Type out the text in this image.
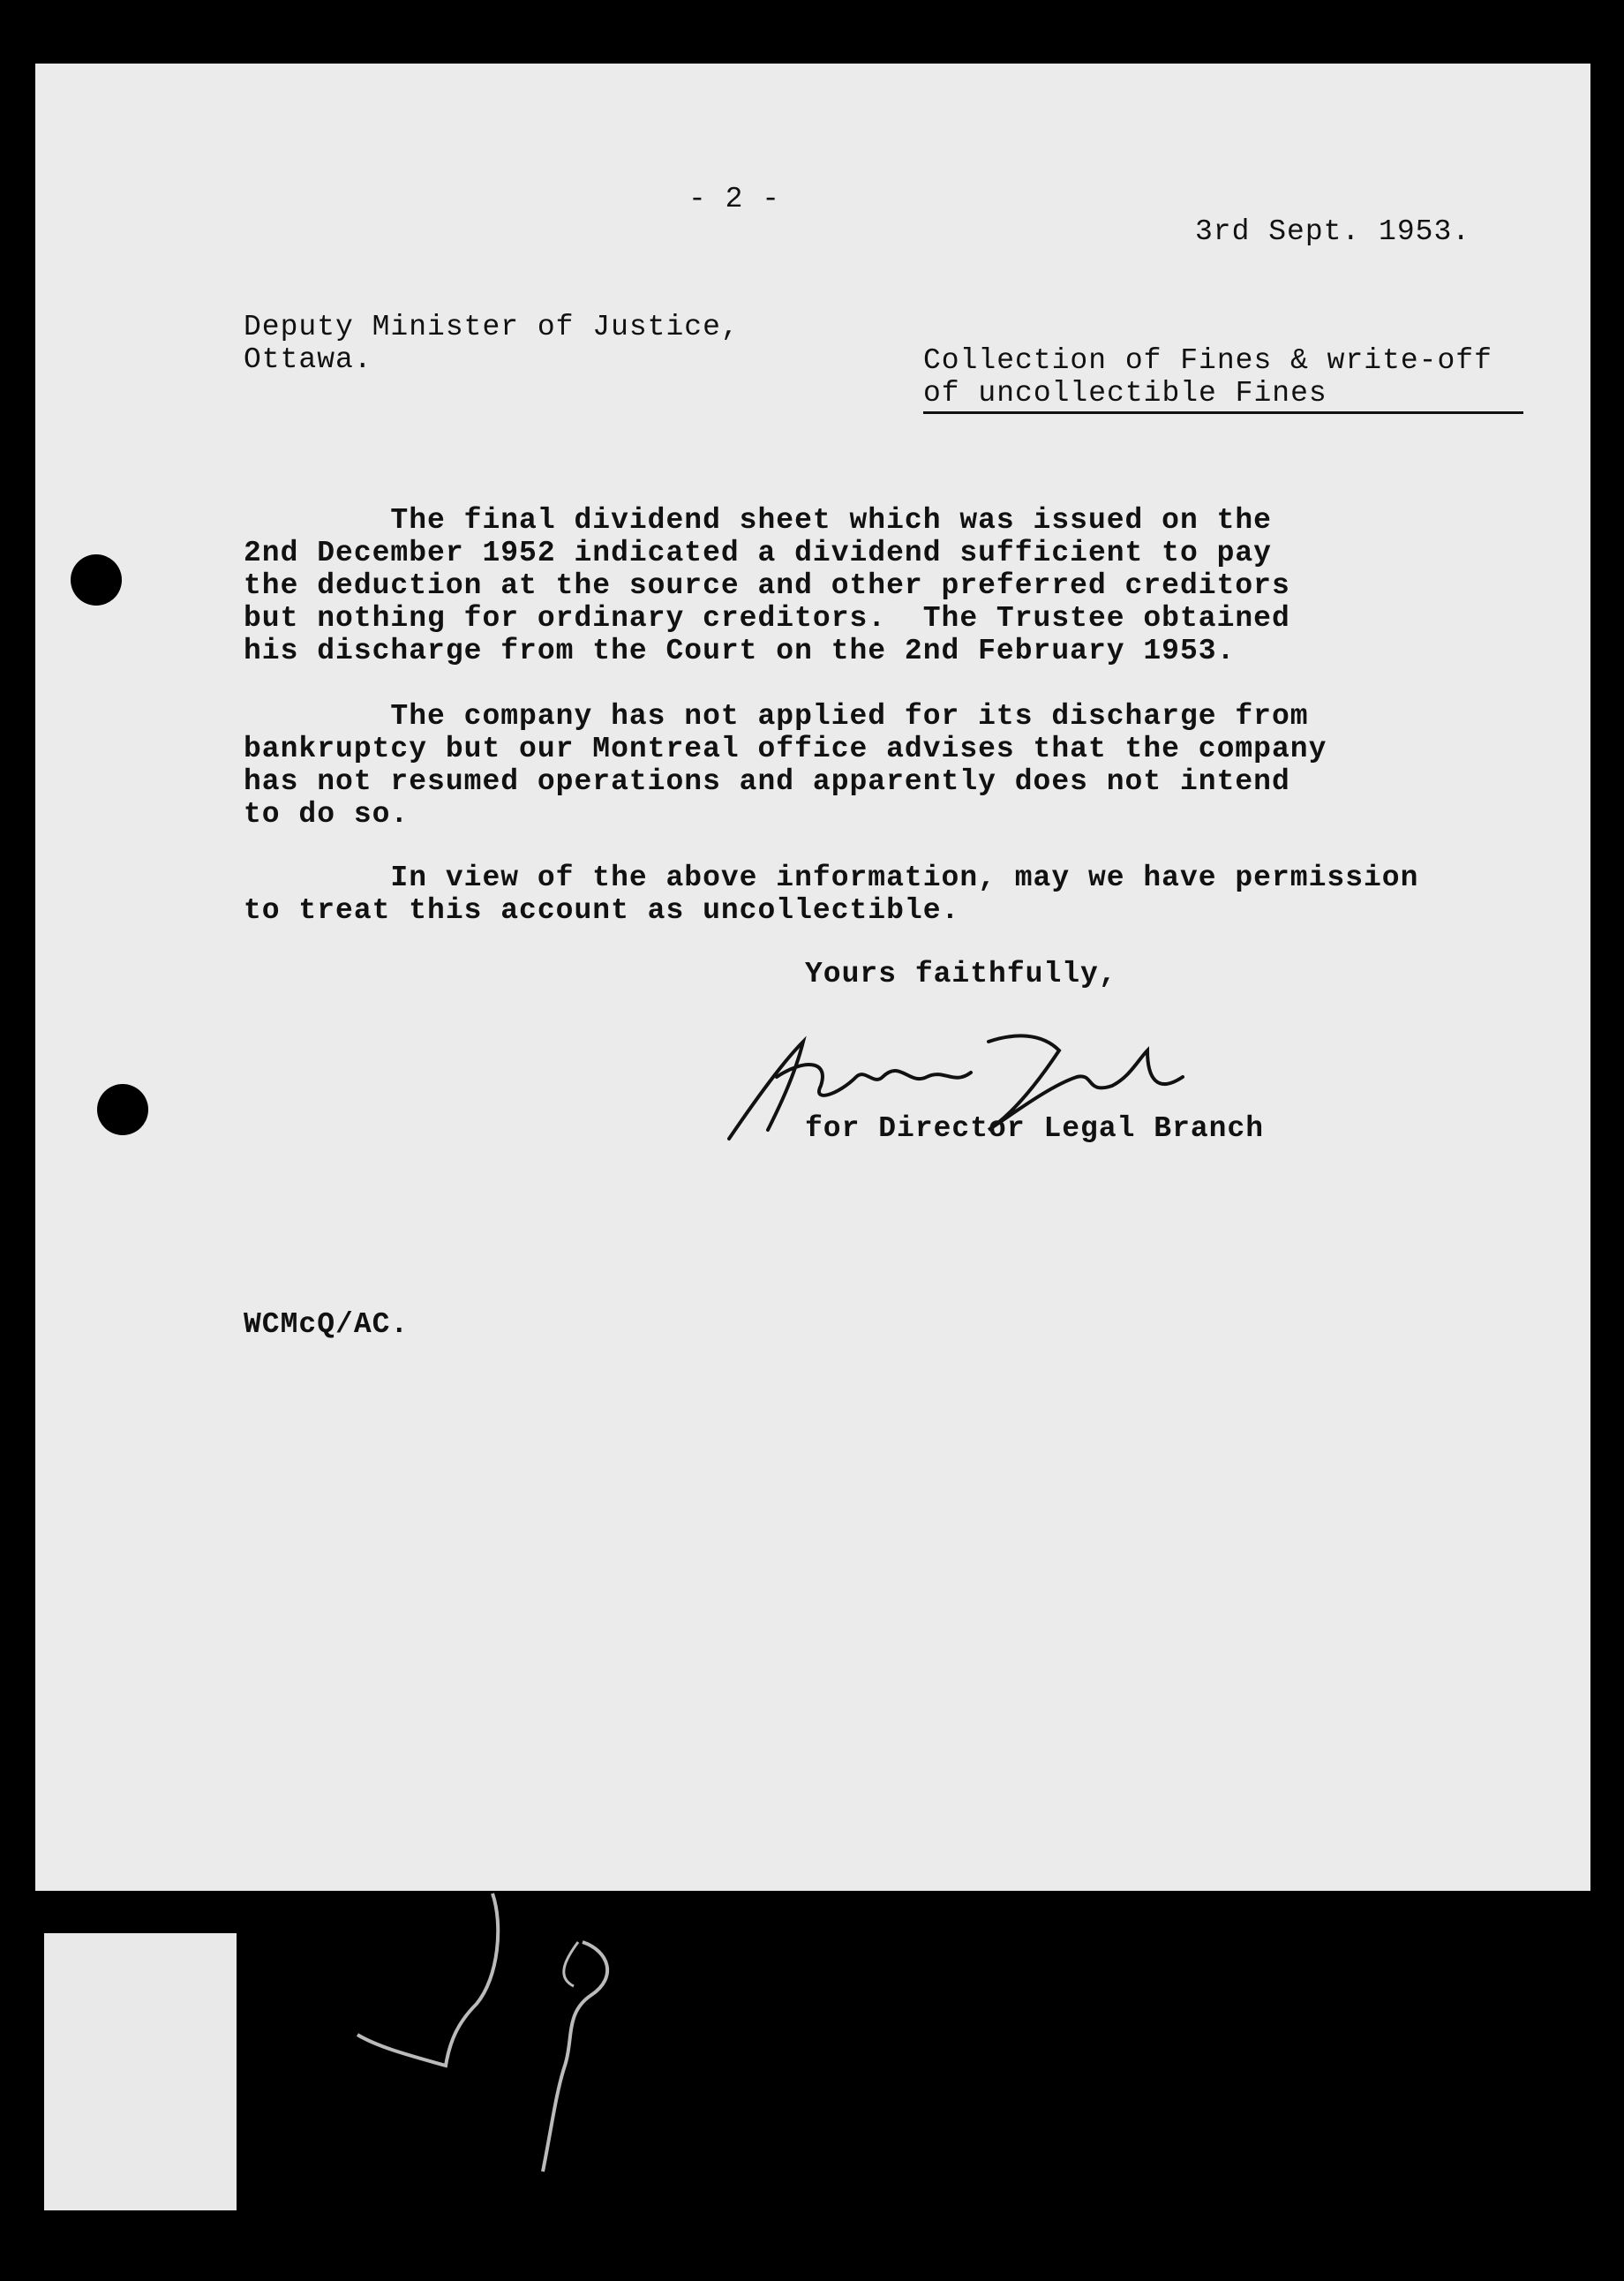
- 2 -
3rd Sept. 1953.
Deputy Minister of Justice,
Ottawa.	Collection of Fines & write-off
of uncollectible Fines
The final dividend sheet which was issued on the
2nd December 1952 indicated a dividend sufficient to pay
the deduction at the source and other preferred creditors
but nothing for ordinary creditors.  The Trustee obtained
his discharge from the Court on the 2nd February 1953.
The company has not applied for its discharge from
bankruptcy but our Montreal office advises that the company
has not resumed operations and apparently does not intend
to do so.
In view of the above information, may we have permission
to treat this account as uncollectible.
Yours faithfully,
for Director Legal Branch
WCMcQ/AC.
